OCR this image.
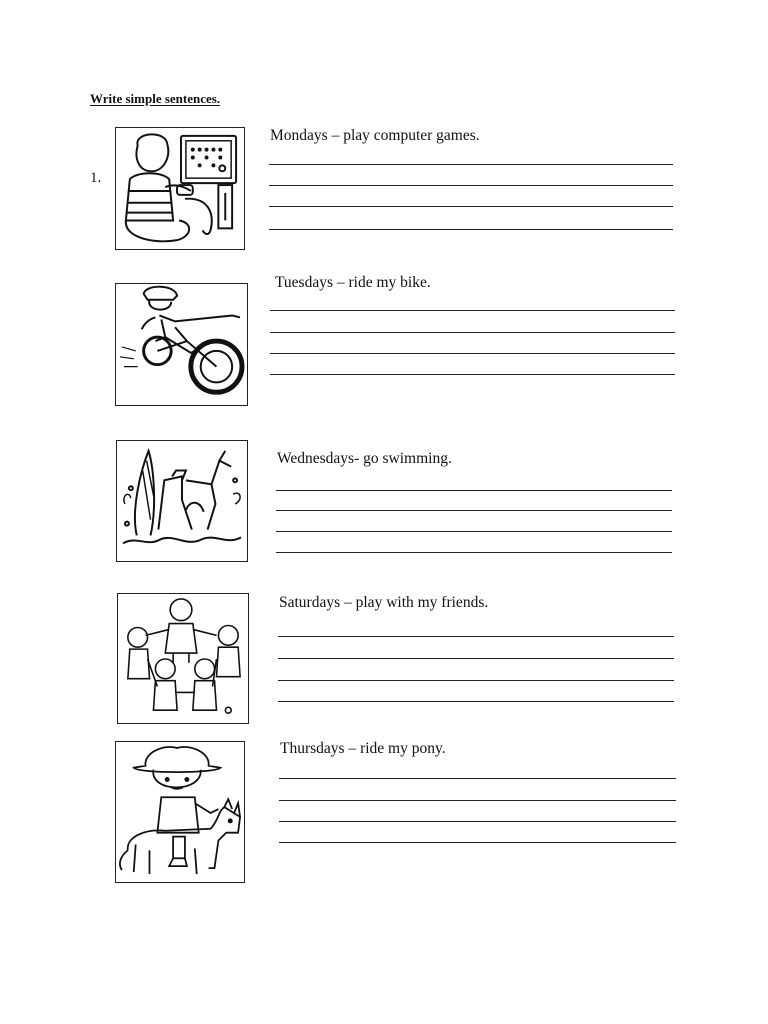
Write simple sentences.
1.
Mondays – play computer games.
Tuesdays – ride my bike.
Wednesdays- go swimming.
Saturdays – play with my friends.
Thursdays – ride my pony.
